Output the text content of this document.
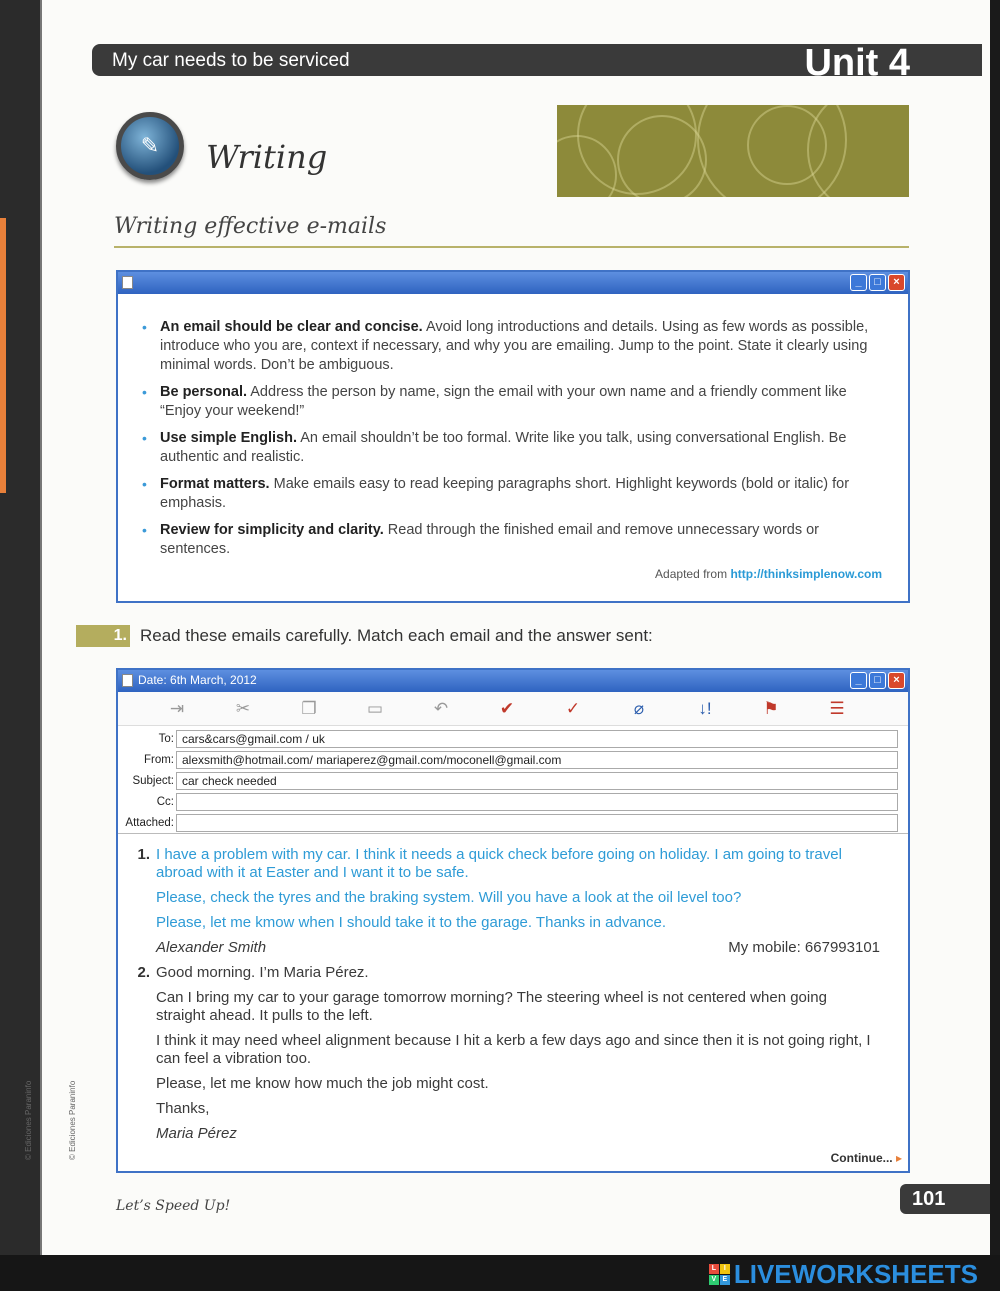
My car needs to be serviced	Unit 4
✎ Writing
Writing effective e-mails
_	□	×
• An email should be clear and concise. Avoid long introductions and details. Using as few words as possible, introduce who you are, context if necessary, and why you are emailing. Jump to the point. State it clearly using minimal words. Don’t be ambiguous.
• Be personal. Address the person by name, sign the email with your own name and a friendly comment like “Enjoy your weekend!”
• Use simple English. An email shouldn’t be too formal. Write like you talk, using conversational English. Be authentic and realistic.
• Format matters. Make emails easy to read keeping paragraphs short. Highlight keywords (bold or italic) for emphasis.
• Review for simplicity and clarity. Read through the finished email and remove unnecessary words or sentences.
Adapted from http://thinksimplenow.com
1. Read these emails carefully. Match each email and the answer sent:
Date: 6th March, 2012	_	□	×
⇥	✂	❐	▭	↶	✔	✓	⌀	↓!	⚑	☰
To: cars&cars@gmail.com / uk
From: alexsmith@hotmail.com/ mariaperez@gmail.com/moconell@gmail.com
Subject: car check needed
Cc:
Attached:
1. I have a problem with my car. I think it needs a quick check before going on holiday. I am going to travel abroad with it at Easter and I want it to be safe.
Please, check the tyres and the braking system. Will you have a look at the oil level too?
Please, let me kmow when I should take it to the garage. Thanks in advance.
Alexander Smith	My mobile: 667993101
2. Good morning. I’m Maria Pérez.
Can I bring my car to your garage tomorrow morning? The steering wheel is not centered when going straight ahead. It pulls to the left.
I think it may need wheel alignment because I hit a kerb a few days ago and since then it is not going right, I can feel a vibration too.
Please, let me know how much the job might cost.
Thanks,
Maria Pérez
Continue... ▸
Let’s Speed Up!	101
© Ediciones Paraninfo	© Ediciones Paraninfo
L	I
V E LIVEWORKSHEETS
